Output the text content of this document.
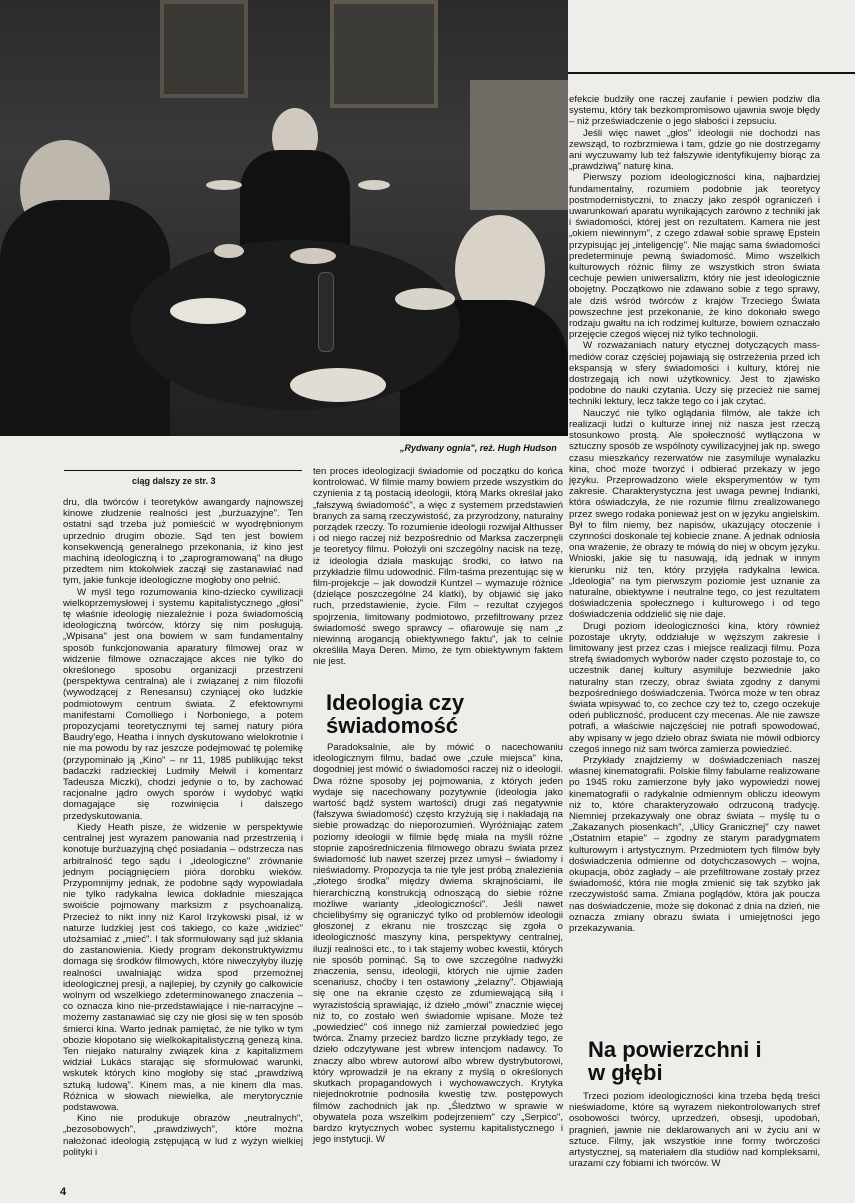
„Rydwany ognia", reż. Hugh Hudson
ciąg dalszy ze str. 3

dru, dla twórców i teoretyków awangardy najnowszej kinowe złudzenie realności jest „burżuazyjne". Ten ostatni sąd trzeba już pomieścić w wyodrębnionym uprzednio drugim obozie. Sąd ten jest bowiem konsekwencją generalnego przekonania, iż kino jest machiną ideologiczną i to „zaprogramowaną" na długo przedtem nim ktokolwiek zaczął się zastanawiać nad tym, jakie funkcje ideologiczne mogłoby ono pełnić.

W myśl tego rozumowania kino-dziecko cywilizacji wielkoprzemysłowej i systemu kapitalistycznego „głosi" tę właśnie ideologię niezależnie i poza świadomością ideologiczną twórców, którzy się nim posługują. „Wpisana" jest ona bowiem w sam fundamentalny sposób funkcjonowania aparatury filmowej oraz w widzenie filmowe oznaczające akces nie tylko do określonego sposobu organizacji przestrzeni (perspektywa centralna) ale i związanej z nim filozofii (wywodzącej z Renesansu) czyniącej oko ludzkie podmiotowym centrum świata. Z efektownymi manifestami Comolliego i Norboniego, a potem propozycjami teoretycznymi tej samej natury pióra Baudry'ego, Heatha i innych dyskutowano wielokrotnie i nie ma powodu by raz jeszcze podejmować tę polemikę (przypominało ją „Kino" – nr 11, 1985 publikując tekst badaczki radzieckiej Ludmiły Mełwil i komentarz Tadeusza Miczki), chodzi jedynie o to, by zachować racjonalne jądro owych sporów i wydobyć wątki domagające się rozwinięcia i dalszego przedyskutowania.

Kiedy Heath pisze, że widzenie w perspektywie centralnej jest wyrazem panowania nad przestrzenią i konotuje burżuazyjną chęć posiadania – odstrzecza nas arbitralność tego sądu i „ideologiczne" zrównanie jednym pociągnięciem pióra dorobku wieków. Przypomnijmy jednak, że podobne sądy wypowiadała nie tylko radykalna lewica dokładnie mieszająca swoiście pojmowany marksizm z psychoanalizą. Przecież to nikt inny niż Karol Irzykowski pisał, iż w naturze ludzkiej jest coś takiego, co każe „widzieć" utożsamiać z „mieć". I tak sformułowany sąd już skłania do zastanowienia. Kiedy program dekonstruktywizmu domaga się środków filmowych, które niweczyłyby iluzję realności uwalniając widza spod przemożnej ideologicznej presji, a najlepiej, by czyniły go całkowicie wolnym od wszelkiego zdeterminowanego znaczenia – co oznacza kino nie-przedstawiające i nie-narracyjne – możemy zastanawiać się czy nie głosi się w ten sposób śmierci kina. Warto jednak pamiętać, że nie tylko w tym obozie kłopotano się wielkokapitalistyczną genezą kina. Ten niejako naturalny związek kina z kapitalizmem widział Lukács starając się sformułować warunki, wskutek których kino mogłoby się stać „prawdziwą sztuką ludową". Kinem mas, a nie kinem dla mas. Różnica w słowach niewielka, ale merytorycznie podstawowa.

Kino nie produkuje obrazów „neutralnych", „bezosobowych", „prawdziwych", które można nałożonać ideologią zstępującą w lud z wyżyn wielkiej polityki i

ten proces ideologizacji świadomie od początku do końca kontrolować. W filmie mamy bowiem przede wszystkim do czynienia z tą postacią ideologii, którą Marks określał jako „fałszywą świadomość", a więc z systemem przedstawień branych za samą rzeczywistość, za przyrodzony, naturalny porządek rzeczy. To rozumienie ideologii rozwijał Althusser i od niego raczej niż bezpośrednio od Marksa zaczerpnęli je teoretycy filmu. Położyli oni szczególny nacisk na tezę, iż ideologia działa maskując środki, co łatwo na przykładzie filmu udowodnić. Film-taśma prezentując się w film-projekcje – jak dowodził Kuntzel – wymazuje różnice (dzielące poszczególne 24 klatki), by objawić się jako ruch, przedstawienie, życie. Film – rezultat czyjegoś spojrzenia, limitowany podmiotowo, przefiltrowany przez świadomość swego sprawcy – ofiarowuje się nam „z niewinną arogancją obiektywnego faktu", jak to celnie określiła Maya Deren. Mimo, że tym obiektywnym faktem nie jest.

Ideologia czy świadomość

Paradoksalnie, ale by mówić o nacechowaniu ideologicznym filmu, badać owe „czułe miejsca" kina, dogodniej jest mówić o świadomości raczej niż o ideologii. Dwa różne sposoby jej pojmowania, z których jeden wydaje się nacechowany pozytywnie (ideologia jako wartość bądź system wartości) drugi zaś negatywnie (fałszywa świadomość) często krzyżują się i nakładają na siebie prowadząc do nieporozumień. Wyróżniając zatem poziomy ideologii w filmie będę miała na myśli różne stopnie zapośredniczenia filmowego obrazu świata przez świadomość lub nawet szerzej przez umysł – świadomy i nieświadomy. Propozycja ta nie tyle jest próbą znalezienia „złotego środka" między dwiema skrajnościami, ile hierarchiczną konstrukcją odnoszącą do siebie różne możliwe warianty „ideologiczności". Jeśli nawet chcielibyśmy się ograniczyć tylko od problemów ideologii głoszonej z ekranu nie troszcząc się zgoła o ideologiczność maszyny kina, perspektywy centralnej, iluzji realności etc., to i tak stajemy wobec kwestii, których nie sposób pominąć. Są to owe szczególne nadwyżki znaczenia, sensu, ideologii, których nie ujmie żaden scenariusz, choćby i ten ostawiony „żelazny". Objawiają się one na ekranie często ze zdumiewającą siłą i wyrazistością sprawiając, iż dzieło „mówi" znacznie więcej niż to, co zostało weń świadomie wpisane. Może też „powiedzieć" coś innego niż zamierzał powiedzieć jego twórca. Znamy przecież bardzo liczne przykłady tego, że dzieło odczytywane jest wbrew intencjom nadawcy. To znaczy albo wbrew autorowi albo wbrew dystrybutorowi, który wprowadził je na ekrany z myślą o określonych skutkach propagandowych i wychowawczych. Krytyka niejednokrotnie podnosiła kwestię tzw. postępowych filmów zachodnich jak np. „Śledztwo w sprawie w obywatela poza wszelkim podejrzeniem" czy „Serpico", bardzo krytycznych wobec systemu kapitalistycznego i jego instytucji. W

efekcie budziły one raczej zaufanie i pewien podziw dla systemu, który tak bezkompromisowo ujawnia swoje błędy – niż przeświadczenie o jego słabości i zepsuciu.

Jeśli więc nawet „głos" ideologii nie dochodzi nas zewsząd, to rozbrzmiewa i tam, gdzie go nie dostrzegamy ani wyczuwamy lub też fałszywie identyfikujemy biorąc za „prawdziwą" naturę kina.

Pierwszy poziom ideologiczności kina, najbardziej fundamentalny, rozumiem podobnie jak teoretycy postmodernistyczni, to znaczy jako zespół ograniczeń i uwarunkowań aparatu wynikających zarówno z techniki jak i świadomości, której jest on rezultatem. Kamera nie jest „okiem niewinnym", z czego zdawał sobie sprawę Epstein przypisując jej „inteligencję". Nie mając sama świadomości predeterminuje pewną świadomość. Mimo wszelkich kulturowych różnic filmy ze wszystkich stron świata cechuje pewien uniwersalizm, który nie jest ideologicznie obojętny. Początkowo nie zdawano sobie z tego sprawy, ale dziś wśród twórców z krajów Trzeciego Świata powszechne jest przekonanie, że kino dokonało swego rodzaju gwałtu na ich rodzimej kulturze, bowiem oznaczało przejęcie czegoś więcej niż tylko technologii.

W rozważaniach natury etycznej dotyczących mass-mediów coraz częściej pojawiają się ostrzeżenia przed ich ekspansją w sfery świadomości i kultury, której nie dostrzegają ich nowi użytkownicy. Jest to zjawisko podobne do nauki czytania. Uczy się przecież nie samej techniki lektury, lecz także tego co i jak czytać.

Nauczyć nie tylko oglądania filmów, ale także ich realizacji ludzi o kulturze innej niż nasza jest rzeczą stosunkowo prostą. Ale społeczność wytłączona w sztuczny sposób ze wspólnoty cywilizacyjnej jak np. swego czasu mieszkańcy rezerwatów nie zasymiluje wynalazku kina, choć może tworzyć i odbierać przekazy w jego języku. Przeprowadzono wiele eksperymentów w tym zakresie. Charakterystyczna jest uwaga pewnej Indianki, która oświadczyła, że nie rozumie filmu zrealizowanego przez swego rodaka ponieważ jest on w języku angielskim. Był to film niemy, bez napisów, ukazujący otoczenie i czynności doskonale tej kobiecie znane. A jednak odniosła ona wrażenie, że obrazy te mówią do niej w obcym języku. Wnioski, jakie się tu nasuwają, idą jednak w innym kierunku niż ten, który przyjęła radykalna lewica. „Ideologia" na tym pierwszym poziomie jest uznanie za naturalne, obiektywne i neutralne tego, co jest rezultatem doświadczenia społecznego i kulturowego i od tego doświadczenia oddzielić się nie daje.

Drugi poziom ideologiczności kina, który również pozostaje ukryty, oddziałuje w węższym zakresie i limitowany jest przez czas i miejsce realizacji filmu. Poza strefą świadomych wyborów nader często pozostaje to, co uczestnik danej kultury asymiluje bezwiednie jako naturalny stan rzeczy, obraz świata zgodny z danymi bezpośredniego doświadczenia. Twórca może w ten obraz świata wpisywać to, co zechce czy też to, czego oczekuje odeń publiczność, producent czy mecenas. Ale nie zawsze potrafi, a właściwie najczęściej nie potrafi spowodować, aby wpisany w jego dzieło obraz świata nie mówił odbiorcy czegoś innego niż sam twórca zamierza powiedzieć.

Przykłady znajdziemy w doświadczeniach naszej własnej kinematografii. Polskie filmy fabularne realizowane po 1945 roku zamierzone były jako wypowiedzi nowej kinematografii o radykalnie odmiennym obliczu ideowym niż to, które charakteryzowało odrzuconą tradycję. Niemniej przekazywały one obraz świata – myślę tu o „Zakazanych piosenkach", „Ulicy Granicznej" czy nawet „Ostatnim etapie" – zgodny ze starym paradygmatem kulturowym i artystycznym. Przedmiotem tych filmów były doświadczenia odmienne od dotychczasowych – wojna, okupacja, obóz zagłady – ale przefiltrowane zostały przez świadomość, która nie mogła zmienić się tak szybko jak rzeczywistość sama. Zmiana poglądów, która jak poucza nas doświadczenie, może się dokonać z dnia na dzień, nie oznacza zmiany obrazu świata i umiejętności jego przekazywania.

Na powierzchni i w głębi

Trzeci poziom ideologiczności kina trzeba będą treści nieświadome, które są wyrazem niekontrolowanych stref osobowości twórcy, uprzedzeń, obsesji, upodobań, pragnień, jawnie nie deklarowanych ani w życiu ani w sztuce. Filmy, jak wszystkie inne formy twórczości artystycznej, są materiałem dla studiów nad kompleksami, urazami czy fobiami ich twórców. W

4
